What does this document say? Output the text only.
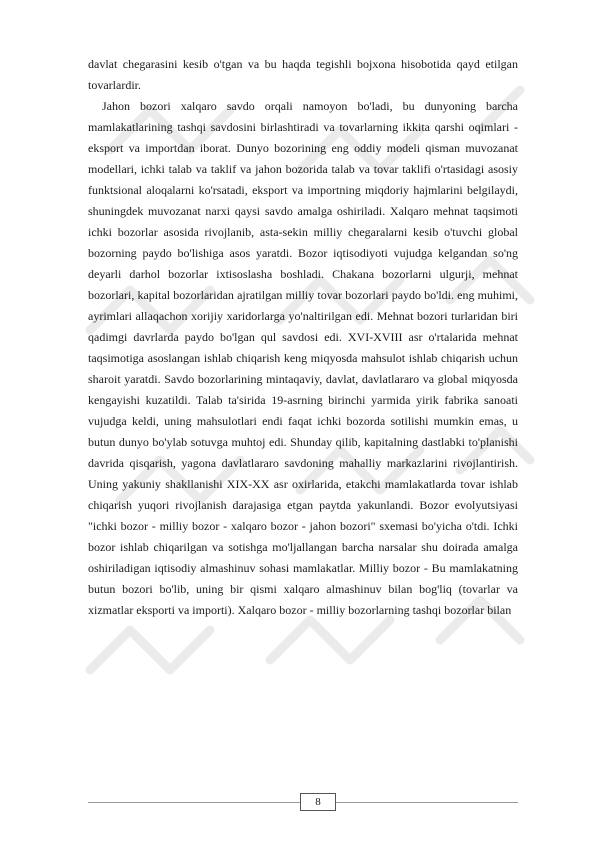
davlat chegarasini kesib o'tgan va bu haqda tegishli bojxona hisobotida qayd etilgan tovarlardir.

Jahon bozori xalqaro savdo orqali namoyon bo'ladi, bu dunyoning barcha mamlakatlarining tashqi savdosini birlashtiradi va tovarlarning ikkita qarshi oqimlari - eksport va importdan iborat. Dunyo bozorining eng oddiy modeli qisman muvozanat modellari, ichki talab va taklif va jahon bozorida talab va tovar taklifi o'rtasidagi asosiy funktsional aloqalarni ko'rsatadi, eksport va importning miqdoriy hajmlarini belgilaydi, shuningdek muvozanat narxi qaysi savdo amalga oshiriladi. Xalqaro mehnat taqsimoti ichki bozorlar asosida rivojlanib, asta-sekin milliy chegaralarni kesib o'tuvchi global bozorning paydo bo'lishiga asos yaratdi. Bozor iqtisodiyoti vujudga kelgandan so'ng deyarli darhol bozorlar ixtisoslasha boshladi. Chakana bozorlarni ulgurji, mehnat bozorlari, kapital bozorlaridan ajratilgan milliy tovar bozorlari paydo bo'ldi. eng muhimi, ayrimlari allaqachon xorijiy xaridorlarga yo'naltirilgan edi. Mehnat bozori turlaridan biri qadimgi davrlarda paydo bo'lgan qul savdosi edi. XVI-XVIII asr o'rtalarida mehnat taqsimotiga asoslangan ishlab chiqarish keng miqyosda mahsulot ishlab chiqarish uchun sharoit yaratdi. Savdo bozorlarining mintaqaviy, davlat, davlatlararo va global miqyosda kengayishi kuzatildi. Talab ta'sirida 19-asrning birinchi yarmida yirik fabrika sanoati vujudga keldi, uning mahsulotlari endi faqat ichki bozorda sotilishi mumkin emas, u butun dunyo bo'ylab sotuvga muhtoj edi. Shunday qilib, kapitalning dastlabki to'planishi davrida qisqarish, yagona davlatlararo savdoning mahalliy markazlarini rivojlantirish. Uning yakuniy shakllanishi XIX-XX asr oxirlarida, etakchi mamlakatlarda tovar ishlab chiqarish yuqori rivojlanish darajasiga etgan paytda yakunlandi. Bozor evolyutsiyasi "ichki bozor - milliy bozor - xalqaro bozor - jahon bozori" sxemasi bo'yicha o'tdi. Ichki bozor ishlab chiqarilgan va sotishga mo'ljallangan barcha narsalar shu doirada amalga oshiriladigan iqtisodiy almashinuv sohasi mamlakatlar. Milliy bozor - Bu mamlakatning butun bozori bo'lib, uning bir qismi xalqaro almashinuv bilan bog'liq (tovarlar va xizmatlar eksporti va importi). Xalqaro bozor - milliy bozorlarning tashqi bozorlar bilan

8
